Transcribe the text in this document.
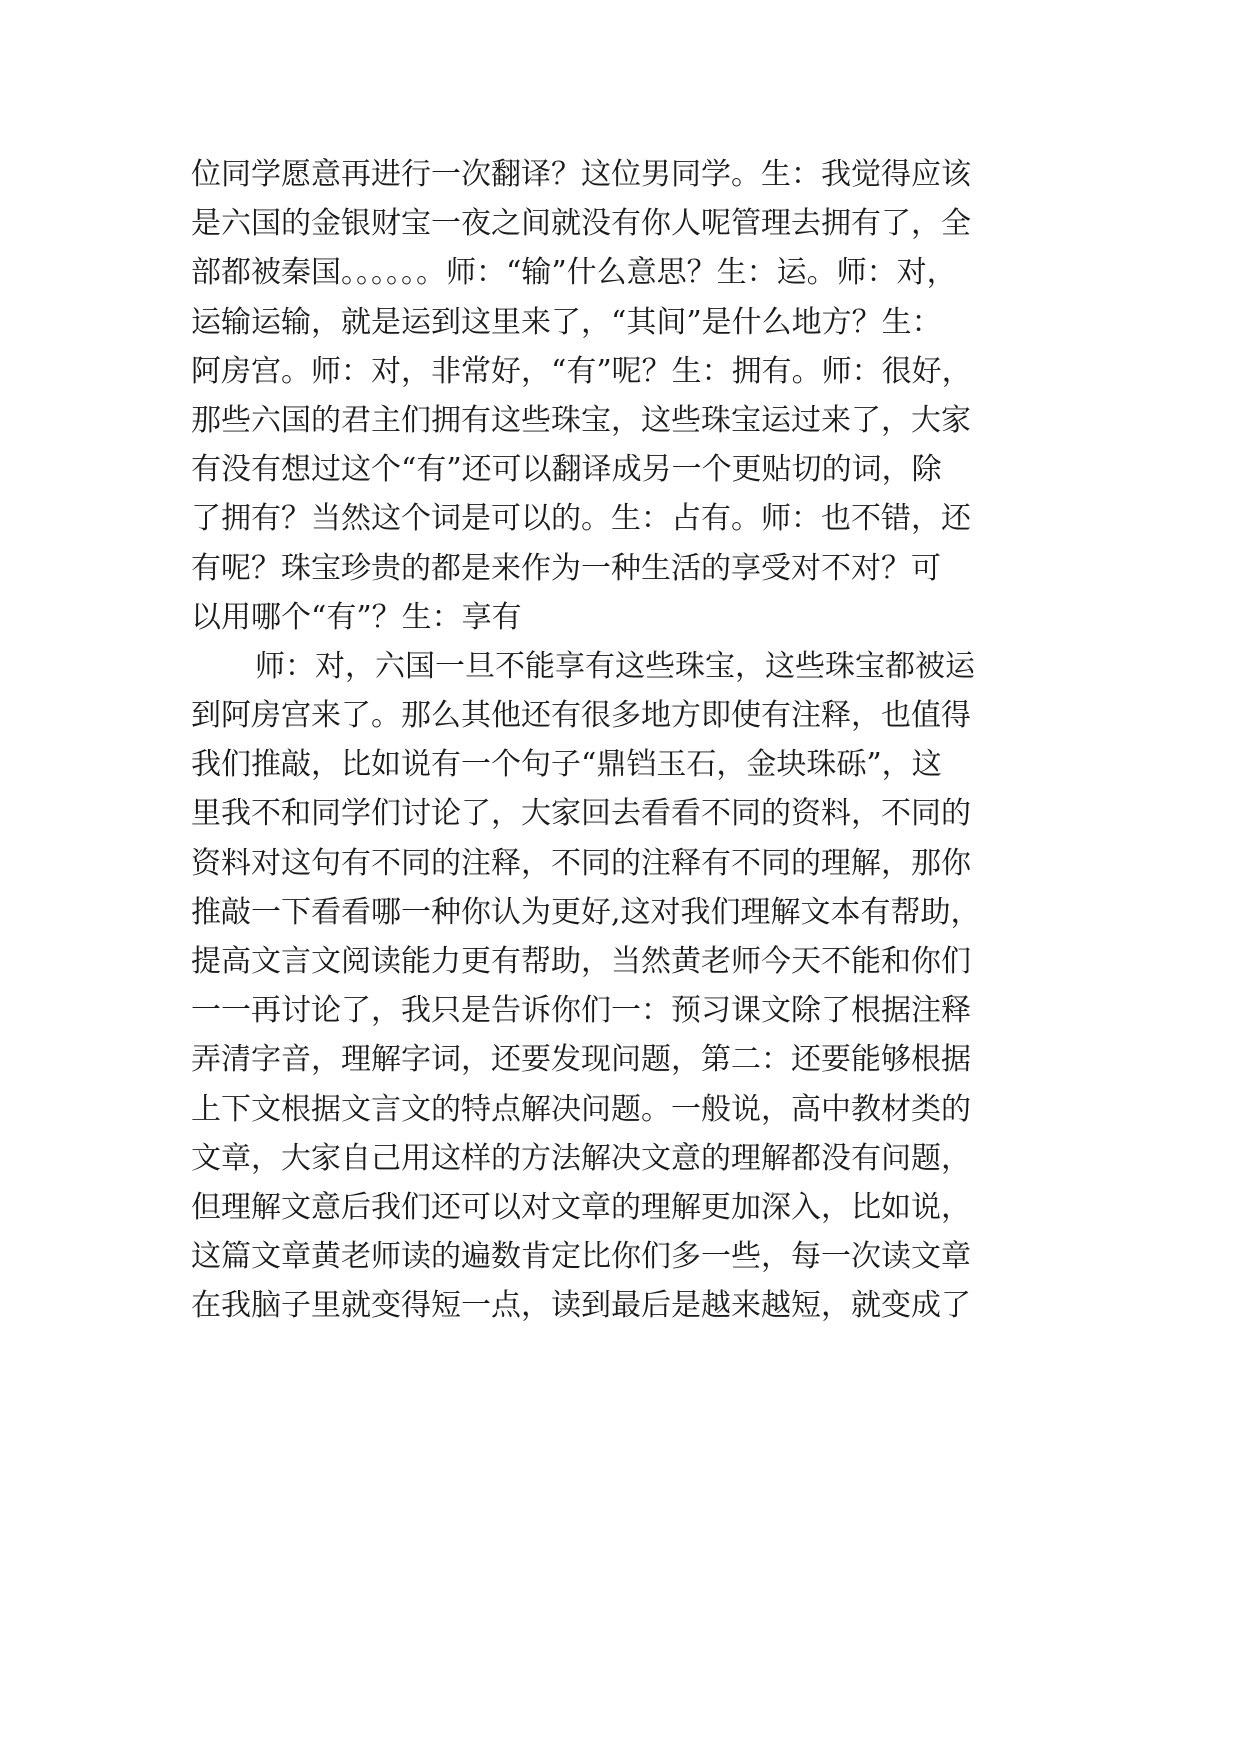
位同学愿意再进行一次翻译？这位男同学。生：我觉得应该
是六国的金银财宝一夜之间就没有你人呢管理去拥有了，全
部都被秦国。。。。。。师：“输”什么意思？生：运。师：对，
运输运输，就是运到这里来了，“其间”是什么地方？生：
阿房宫。师：对，非常好，“有”呢？生：拥有。师：很好，
那些六国的君主们拥有这些珠宝，这些珠宝运过来了，大家
有没有想过这个“有”还可以翻译成另一个更贴切的词，除
了拥有？当然这个词是可以的。生：占有。师：也不错，还
有呢？珠宝珍贵的都是来作为一种生活的享受对不对？可
以用哪个“有”？生：享有
师：对，六国一旦不能享有这些珠宝，这些珠宝都被运
到阿房宫来了。那么其他还有很多地方即使有注释，也值得
我们推敲，比如说有一个句子“鼎铛玉石，金块珠砾”，这
里我不和同学们讨论了，大家回去看看不同的资料，不同的
资料对这句有不同的注释，不同的注释有不同的理解，那你
推敲一下看看哪一种你认为更好,这对我们理解文本有帮助，
提高文言文阅读能力更有帮助，当然黄老师今天不能和你们
一一再讨论了，我只是告诉你们一：预习课文除了根据注释
弄清字音，理解字词，还要发现问题，第二：还要能够根据
上下文根据文言文的特点解决问题。一般说，高中教材类的
文章，大家自己用这样的方法解决文意的理解都没有问题，
但理解文意后我们还可以对文章的理解更加深入，比如说，
这篇文章黄老师读的遍数肯定比你们多一些，每一次读文章
在我脑子里就变得短一点，读到最后是越来越短，就变成了
